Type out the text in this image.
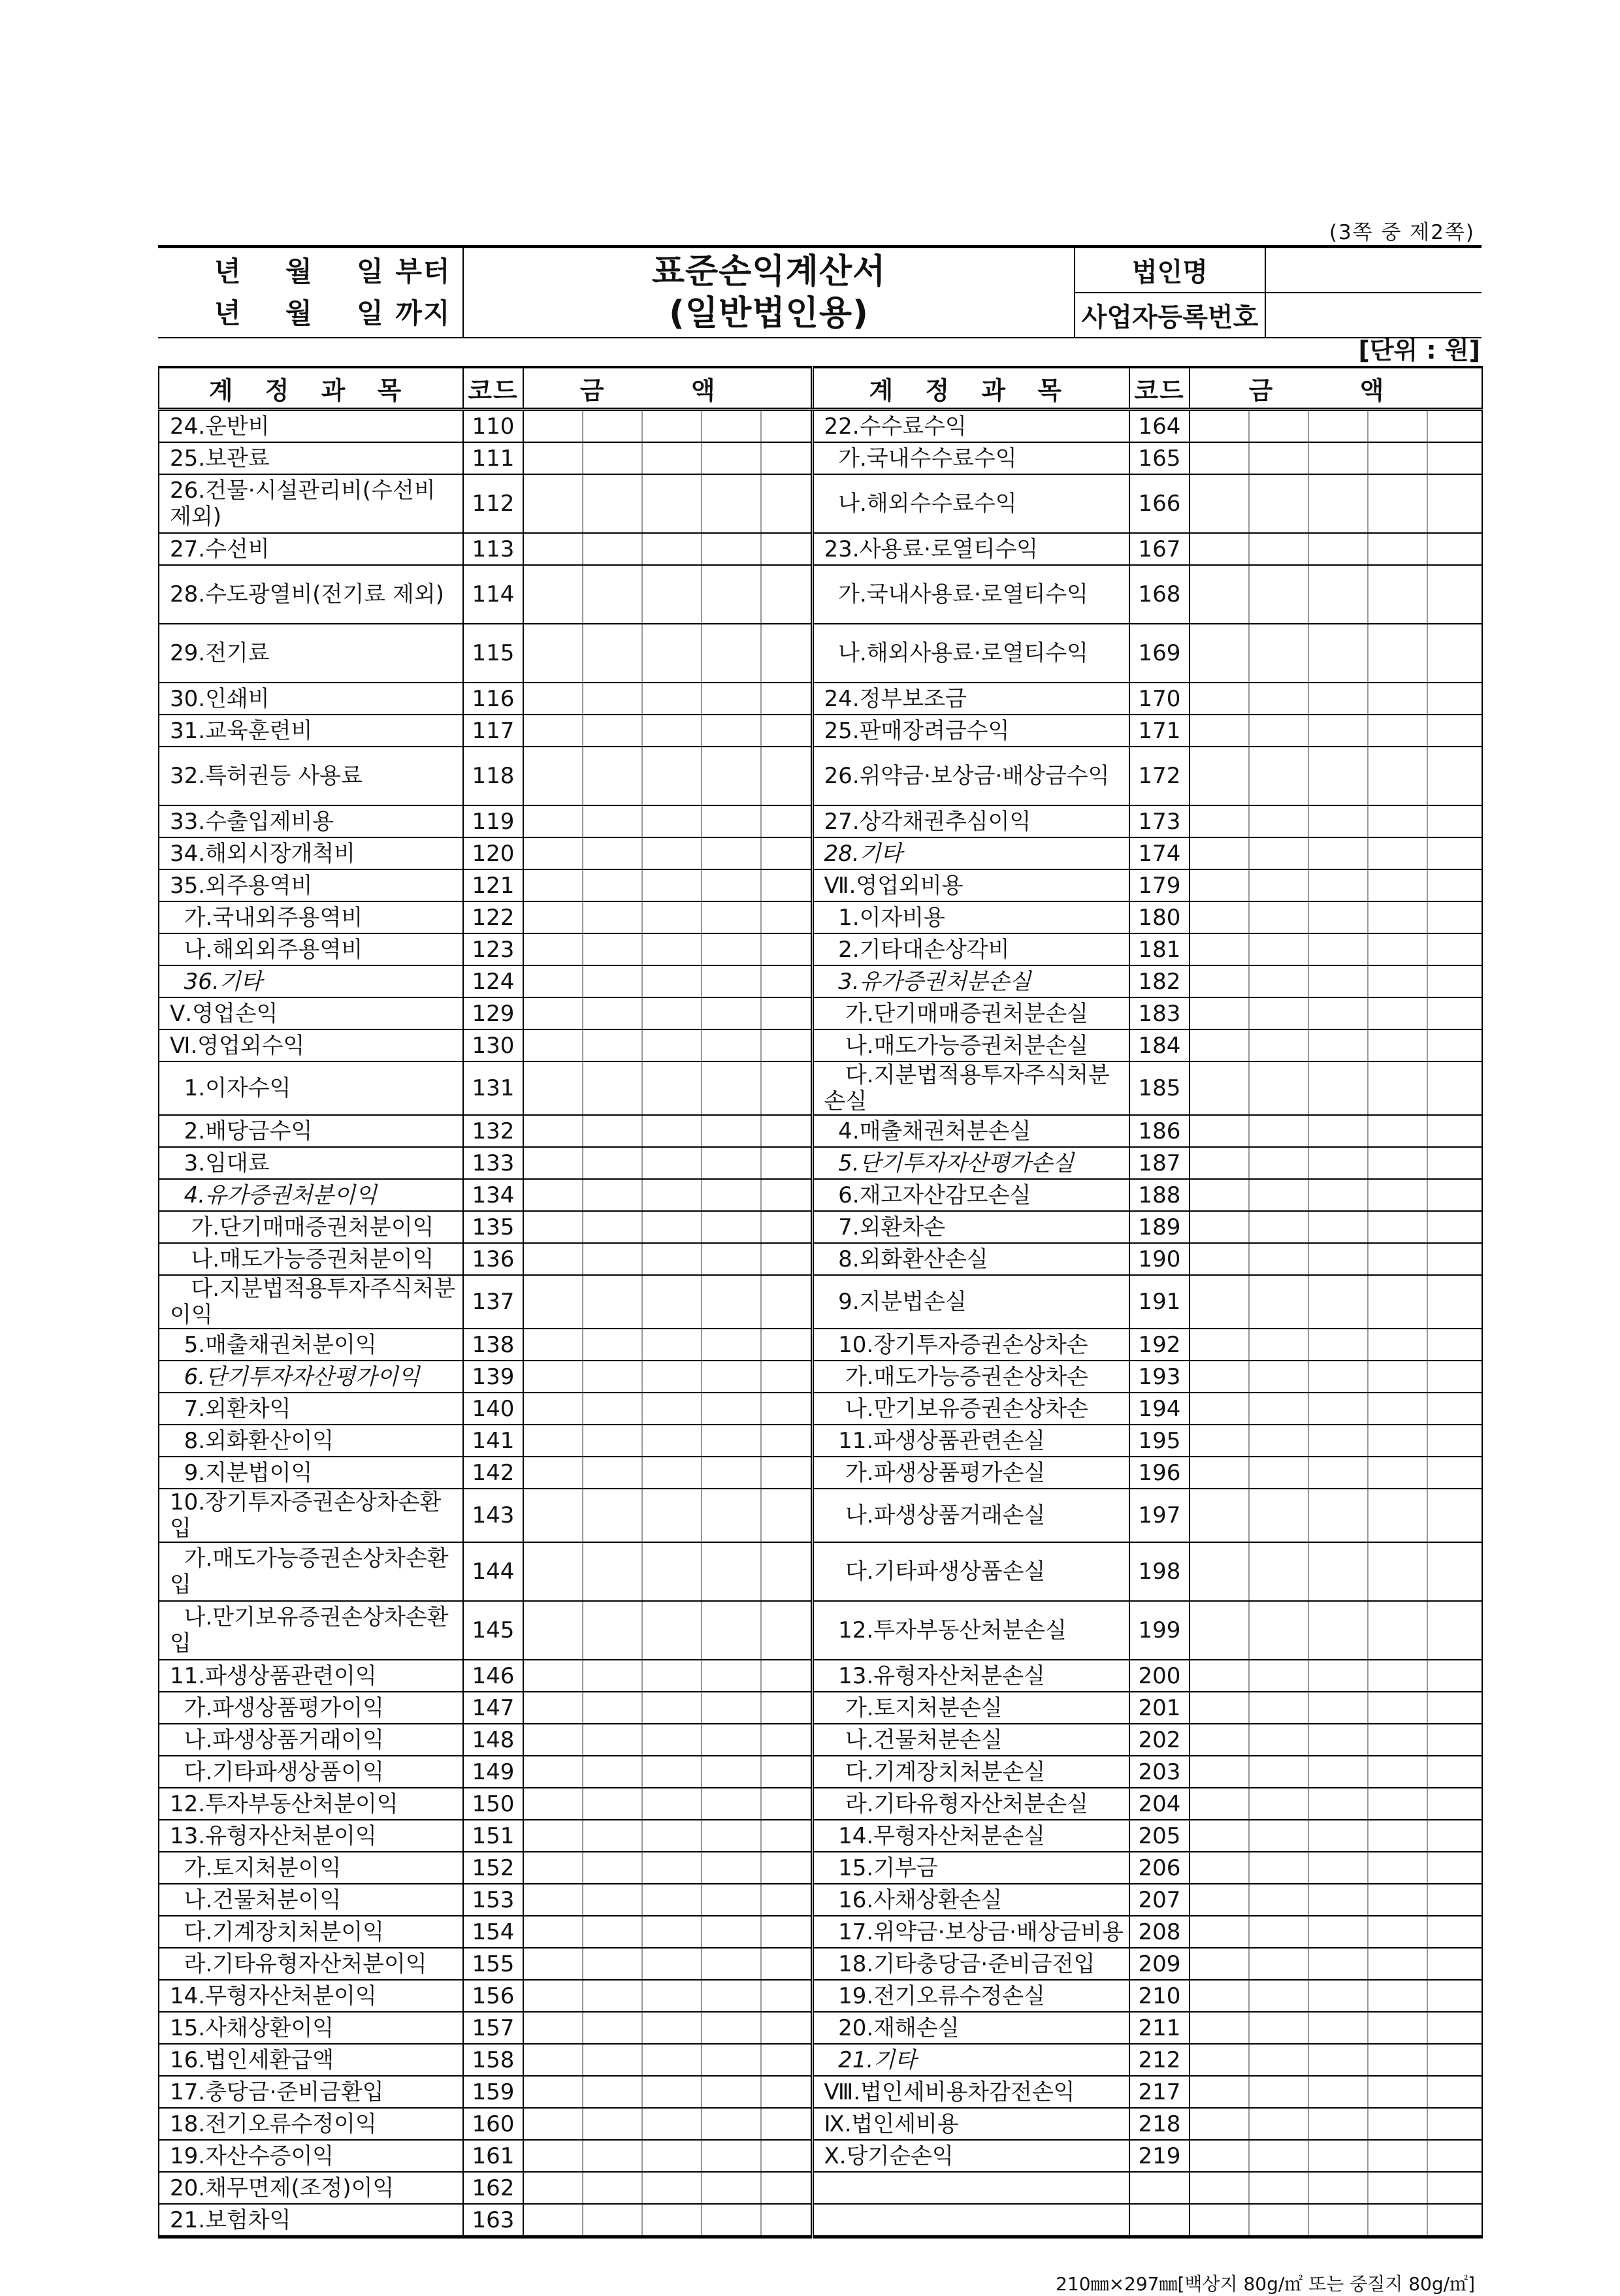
(3쪽 중 제2쪽)
년    월    일 부터
년    월    일 까지
표준손익계산서
(일반법인용)
법인명
사업자등록번호
[단위 : 원]
계 정 과 목	코드	금 액	계 정 과 목	코드	금 액
24.운반비	110		22.수수료수익	164	
25.보관료	111		가.국내수수료수익	165	
26.건물·시설관리비(수선비 제외)	112		나.해외수수료수익	166	
27.수선비	113		23.사용료·로열티수익	167	
28.수도광열비(전기료 제외)	114		가.국내사용료·로열티수익	168	
29.전기료	115		나.해외사용료·로열티수익	169	
30.인쇄비	116		24.정부보조금	170	
31.교육훈련비	117		25.판매장려금수익	171	
32.특허권등 사용료	118		26.위약금·보상금·배상금수익	172	
33.수출입제비용	119		27.상각채권추심이익	173	
34.해외시장개척비	120		28.기타	174	
35.외주용역비	121		Ⅶ.영업외비용	179	
가.국내외주용역비	122		1.이자비용	180	
나.해외외주용역비	123		2.기타대손상각비	181	
36.기타	124		3.유가증권처분손실	182	
Ⅴ.영업손익	129		가.단기매매증권처분손실	183	
Ⅵ.영업외수익	130		나.매도가능증권처분손실	184	
1.이자수익	131		다.지분법적용투자주식처분손실	185	
2.배당금수익	132		4.매출채권처분손실	186	
3.임대료	133		5.단기투자자산평가손실	187	
4.유가증권처분이익	134		6.재고자산감모손실	188	
가.단기매매증권처분이익	135		7.외환차손	189	
나.매도가능증권처분이익	136		8.외화환산손실	190	
다.지분법적용투자주식처분이익	137		9.지분법손실	191	
5.매출채권처분이익	138		10.장기투자증권손상차손	192	
6.단기투자자산평가이익	139		가.매도가능증권손상차손	193	
7.외환차익	140		나.만기보유증권손상차손	194	
8.외화환산이익	141		11.파생상품관련손실	195	
9.지분법이익	142		가.파생상품평가손실	196	
10.장기투자증권손상차손환입	143		나.파생상품거래손실	197	
가.매도가능증권손상차손환입	144		다.기타파생상품손실	198	
나.만기보유증권손상차손환입	145		12.투자부동산처분손실	199	
11.파생상품관련이익	146		13.유형자산처분손실	200	
가.파생상품평가이익	147		가.토지처분손실	201	
나.파생상품거래이익	148		나.건물처분손실	202	
다.기타파생상품이익	149		다.기계장치처분손실	203	
12.투자부동산처분이익	150		라.기타유형자산처분손실	204	
13.유형자산처분이익	151		14.무형자산처분손실	205	
가.토지처분이익	152		15.기부금	206	
나.건물처분이익	153		16.사채상환손실	207	
다.기계장치처분이익	154		17.위약금·보상금·배상금비용	208	
라.기타유형자산처분이익	155		18.기타충당금·준비금전입	209	
14.무형자산처분이익	156		19.전기오류수정손실	210	
15.사채상환이익	157		20.재해손실	211	
16.법인세환급액	158		21.기타	212	
17.충당금·준비금환입	159		Ⅷ.법인세비용차감전손익	217	
18.전기오류수정이익	160		Ⅸ.법인세비용	218	
19.자산수증이익	161		Ⅹ.당기순손익	219	
20.채무면제(조정)이익	162				
21.보험차익	163				
210㎜×297㎜[백상지 80g/㎡ 또는 중질지 80g/㎡]
